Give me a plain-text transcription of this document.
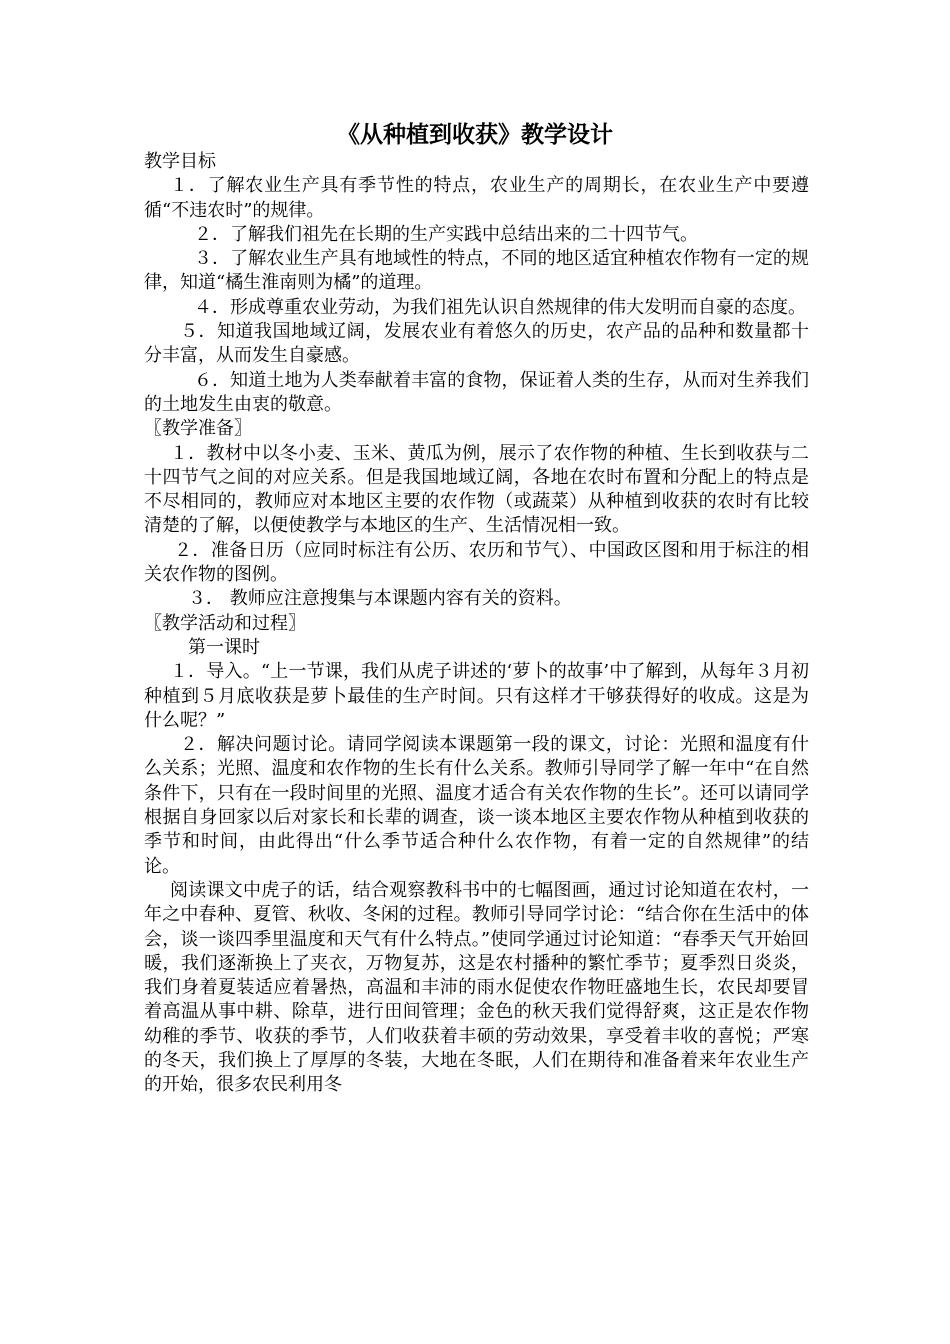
《从种植到收获》教学设计

教学目标

１．了解农业生产具有季节性的特点，农业生产的周期长，在农业生产中要遵循“不违农时”的规律。

２．了解我们祖先在长期的生产实践中总结出来的二十四节气。

３．了解农业生产具有地域性的特点，不同的地区适宜种植农作物有一定的规律，知道“橘生淮南则为橘”的道理。

４．形成尊重农业劳动，为我们祖先认识自然规律的伟大发明而自豪的态度。

５．知道我国地域辽阔，发展农业有着悠久的历史，农产品的品种和数量都十分丰富，从而发生自豪感。

６．知道土地为人类奉献着丰富的食物，保证着人类的生存，从而对生养我们的土地发生由衷的敬意。

〖教学准备〗

１．教材中以冬小麦、玉米、黄瓜为例，展示了农作物的种植、生长到收获与二十四节气之间的对应关系。但是我国地域辽阔，各地在农时布置和分配上的特点是不尽相同的，教师应对本地区主要的农作物（或蔬菜）从种植到收获的农时有比较清楚的了解，以便使教学与本地区的生产、生活情况相一致。

２．准备日历（应同时标注有公历、农历和节气）、中国政区图和用于标注的相关农作物的图例。

３． 教师应注意搜集与本课题内容有关的资料。

〖教学活动和过程〗

第一课时

１．导入。“上一节课，我们从虎子讲述的‘萝卜的故事’中了解到，从每年３月初种植到５月底收获是萝卜最佳的生产时间。只有这样才干够获得好的收成。这是为什么呢？”

２．解决问题讨论。请同学阅读本课题第一段的课文，讨论：光照和温度有什么关系；光照、温度和农作物的生长有什么关系。教师引导同学了解一年中“在自然条件下，只有在一段时间里的光照、温度才适合有关农作物的生长”。还可以请同学根据自身回家以后对家长和长辈的调查，谈一谈本地区主要农作物从种植到收获的季节和时间，由此得出“什么季节适合种什么农作物，有着一定的自然规律”的结论。

阅读课文中虎子的话，结合观察教科书中的七幅图画，通过讨论知道在农村，一年之中春种、夏管、秋收、冬闲的过程。教师引导同学讨论：“结合你在生活中的体会，谈一谈四季里温度和天气有什么特点。”使同学通过讨论知道：“春季天气开始回暖，我们逐渐换上了夹衣，万物复苏，这是农村播种的繁忙季节；夏季烈日炎炎，我们身着夏装适应着暑热，高温和丰沛的雨水促使农作物旺盛地生长，农民却要冒着高温从事中耕、除草，进行田间管理；金色的秋天我们觉得舒爽，这正是农作物幼稚的季节、收获的季节，人们收获着丰硕的劳动效果，享受着丰收的喜悦；严寒的冬天，我们换上了厚厚的冬装，大地在冬眠，人们在期待和准备着来年农业生产的开始，很多农民利用冬
